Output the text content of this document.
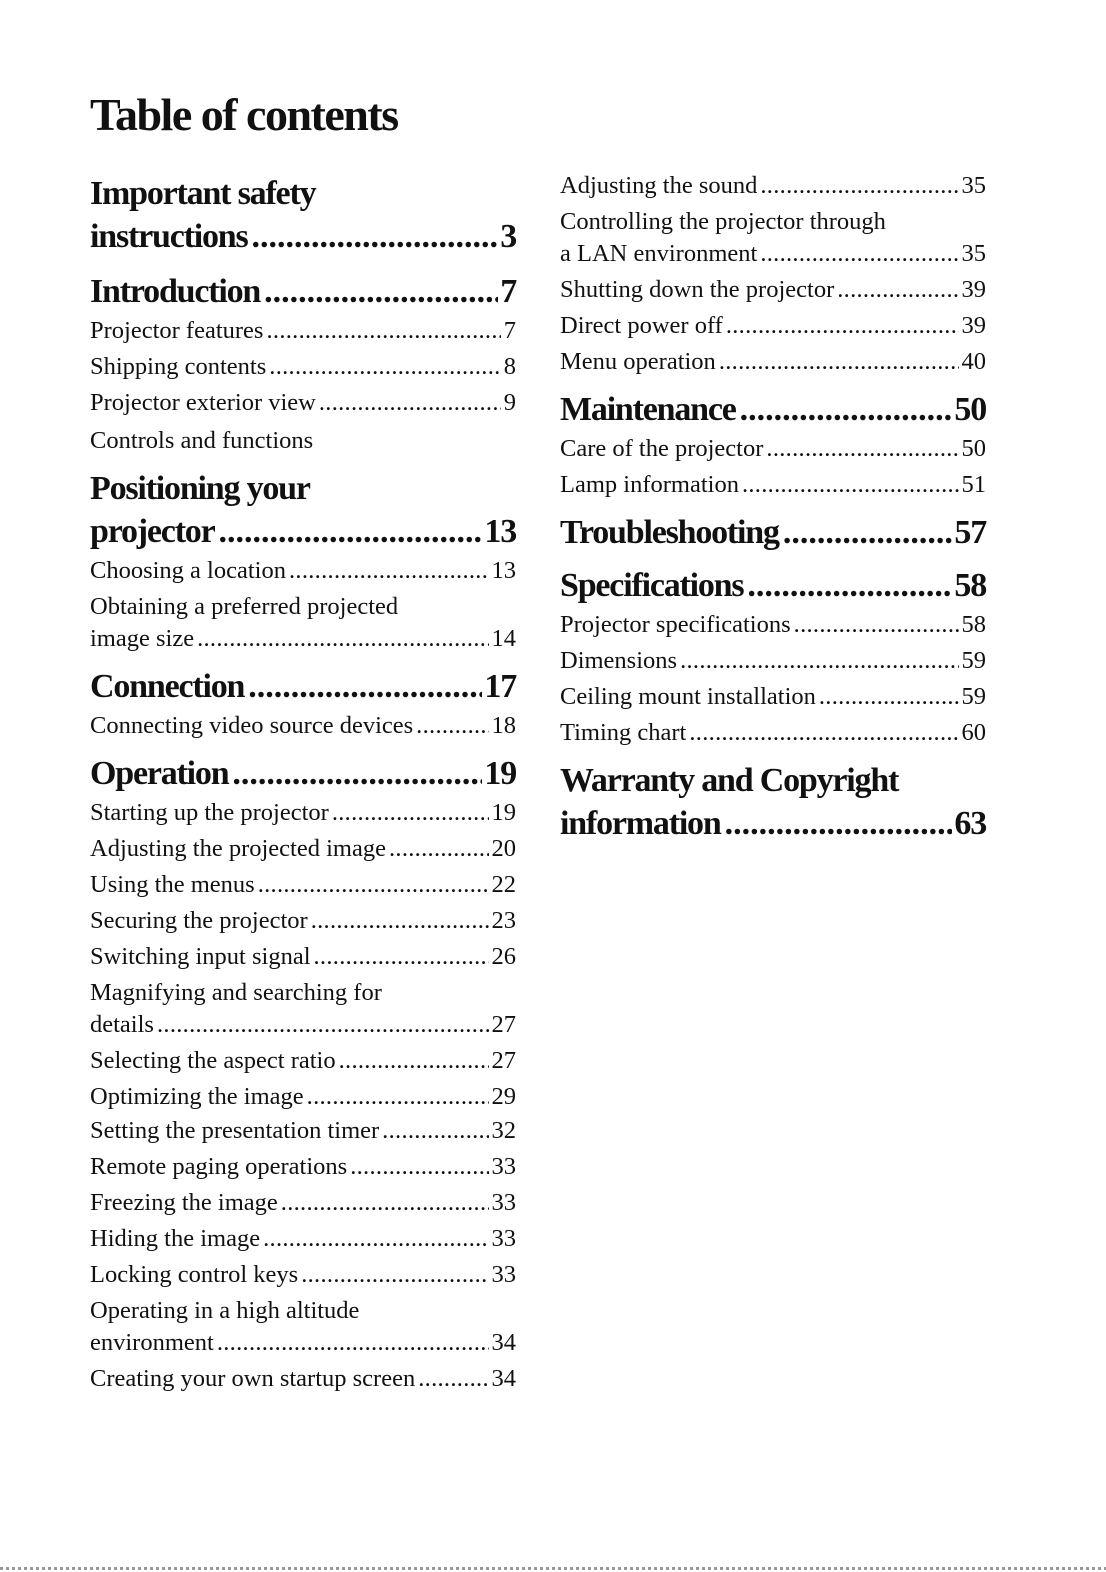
Table of contents
Important safety
instructions .....	3
Introduction .....	7
Projector features .....	7
Shipping contents .....	8
Projector exterior view .....	9
Controls and functions
Positioning your
projector .....	13
Choosing a location .....	13
Obtaining a preferred projected
image size .....	14
Connection .....	17
Connecting video source devices .....	18
Operation .....	19
Starting up the projector .....	19
Adjusting the projected image .....	20
Using the menus .....	22
Securing the projector .....	23
Switching input signal .....	26
Magnifying and searching for
details .....	27
Selecting the aspect ratio .....	27
Optimizing the image .....	29
Setting the presentation timer .....	32
Remote paging operations .....	33
Freezing the image .....	33
Hiding the image .....	33
Locking control keys .....	33
Operating in a high altitude
environment .....	34
Creating your own startup screen .....	34
Adjusting the sound .....	35
Controlling the projector through
a LAN environment .....	35
Shutting down the projector .....	39
Direct power off .....	39
Menu operation .....	40
Maintenance .....	50
Care of the projector .....	50
Lamp information .....	51
Troubleshooting .....	57
Specifications .....	58
Projector specifications .....	58
Dimensions .....	59
Ceiling mount installation .....	59
Timing chart .....	60
Warranty and Copyright
information .....	63
